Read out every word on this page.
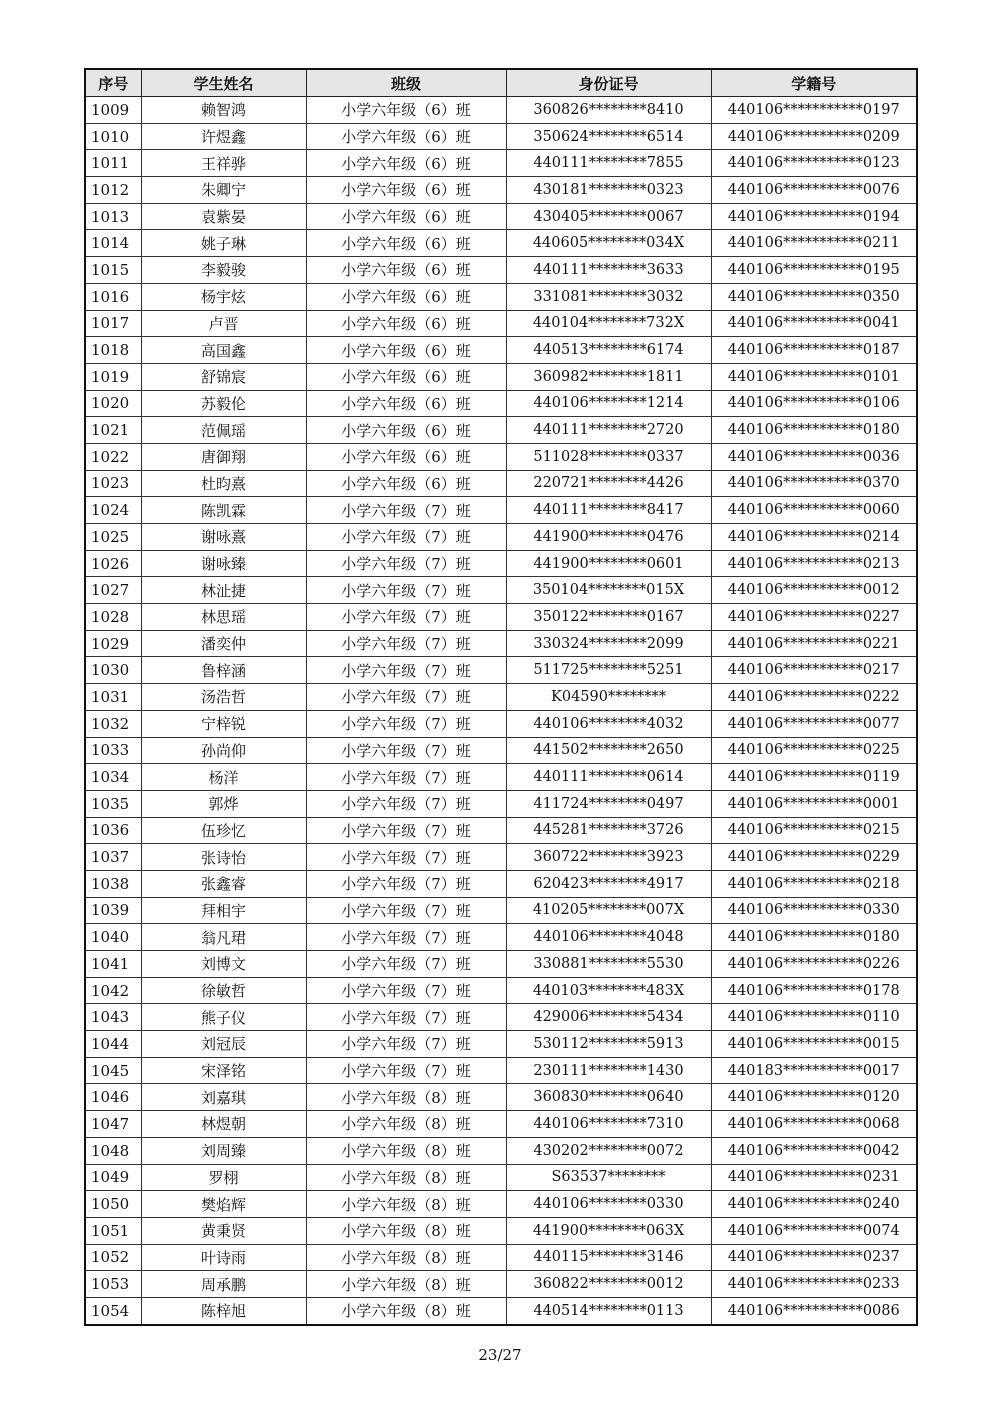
序号	学生姓名	班级	身份证号	学籍号
1009	赖智鸿	小学六年级（6）班	360826********8410	440106***********0197
1010	许煜鑫	小学六年级（6）班	350624********6514	440106***********0209
1011	王祥骅	小学六年级（6）班	440111********7855	440106***********0123
1012	朱卿宁	小学六年级（6）班	430181********0323	440106***********0076
1013	袁紫晏	小学六年级（6）班	430405********0067	440106***********0194
1014	姚子琳	小学六年级（6）班	440605********034X	440106***********0211
1015	李毅骏	小学六年级（6）班	440111********3633	440106***********0195
1016	杨宇炫	小学六年级（6）班	331081********3032	440106***********0350
1017	卢晋	小学六年级（6）班	440104********732X	440106***********0041
1018	高国鑫	小学六年级（6）班	440513********6174	440106***********0187
1019	舒锦宸	小学六年级（6）班	360982********1811	440106***********0101
1020	苏毅伦	小学六年级（6）班	440106********1214	440106***********0106
1021	范佩瑶	小学六年级（6）班	440111********2720	440106***********0180
1022	唐御翔	小学六年级（6）班	511028********0337	440106***********0036
1023	杜昀熹	小学六年级（6）班	220721********4426	440106***********0370
1024	陈凯霖	小学六年级（7）班	440111********8417	440106***********0060
1025	谢咏熹	小学六年级（7）班	441900********0476	440106***********0214
1026	谢咏臻	小学六年级（7）班	441900********0601	440106***********0213
1027	林沚捷	小学六年级（7）班	350104********015X	440106***********0012
1028	林思瑶	小学六年级（7）班	350122********0167	440106***********0227
1029	潘奕仲	小学六年级（7）班	330324********2099	440106***********0221
1030	鲁梓涵	小学六年级（7）班	511725********5251	440106***********0217
1031	汤浩哲	小学六年级（7）班	K04590********	440106***********0222
1032	宁梓锐	小学六年级（7）班	440106********4032	440106***********0077
1033	孙尚仰	小学六年级（7）班	441502********2650	440106***********0225
1034	杨洋	小学六年级（7）班	440111********0614	440106***********0119
1035	郭烨	小学六年级（7）班	411724********0497	440106***********0001
1036	伍珍忆	小学六年级（7）班	445281********3726	440106***********0215
1037	张诗怡	小学六年级（7）班	360722********3923	440106***********0229
1038	张鑫睿	小学六年级（7）班	620423********4917	440106***********0218
1039	拜相宇	小学六年级（7）班	410205********007X	440106***********0330
1040	翁凡珺	小学六年级（7）班	440106********4048	440106***********0180
1041	刘博文	小学六年级（7）班	330881********5530	440106***********0226
1042	徐敏哲	小学六年级（7）班	440103********483X	440106***********0178
1043	熊子仪	小学六年级（7）班	429006********5434	440106***********0110
1044	刘冠辰	小学六年级（7）班	530112********5913	440106***********0015
1045	宋泽铭	小学六年级（7）班	230111********1430	440183***********0017
1046	刘嘉琪	小学六年级（8）班	360830********0640	440106***********0120
1047	林煜朝	小学六年级（8）班	440106********7310	440106***********0068
1048	刘周臻	小学六年级（8）班	430202********0072	440106***********0042
1049	罗栩	小学六年级（8）班	S63537********	440106***********0231
1050	樊焰辉	小学六年级（8）班	440106********0330	440106***********0240
1051	黄秉贤	小学六年级（8）班	441900********063X	440106***********0074
1052	叶诗雨	小学六年级（8）班	440115********3146	440106***********0237
1053	周承鹏	小学六年级（8）班	360822********0012	440106***********0233
1054	陈梓旭	小学六年级（8）班	440514********0113	440106***********0086
23/27
